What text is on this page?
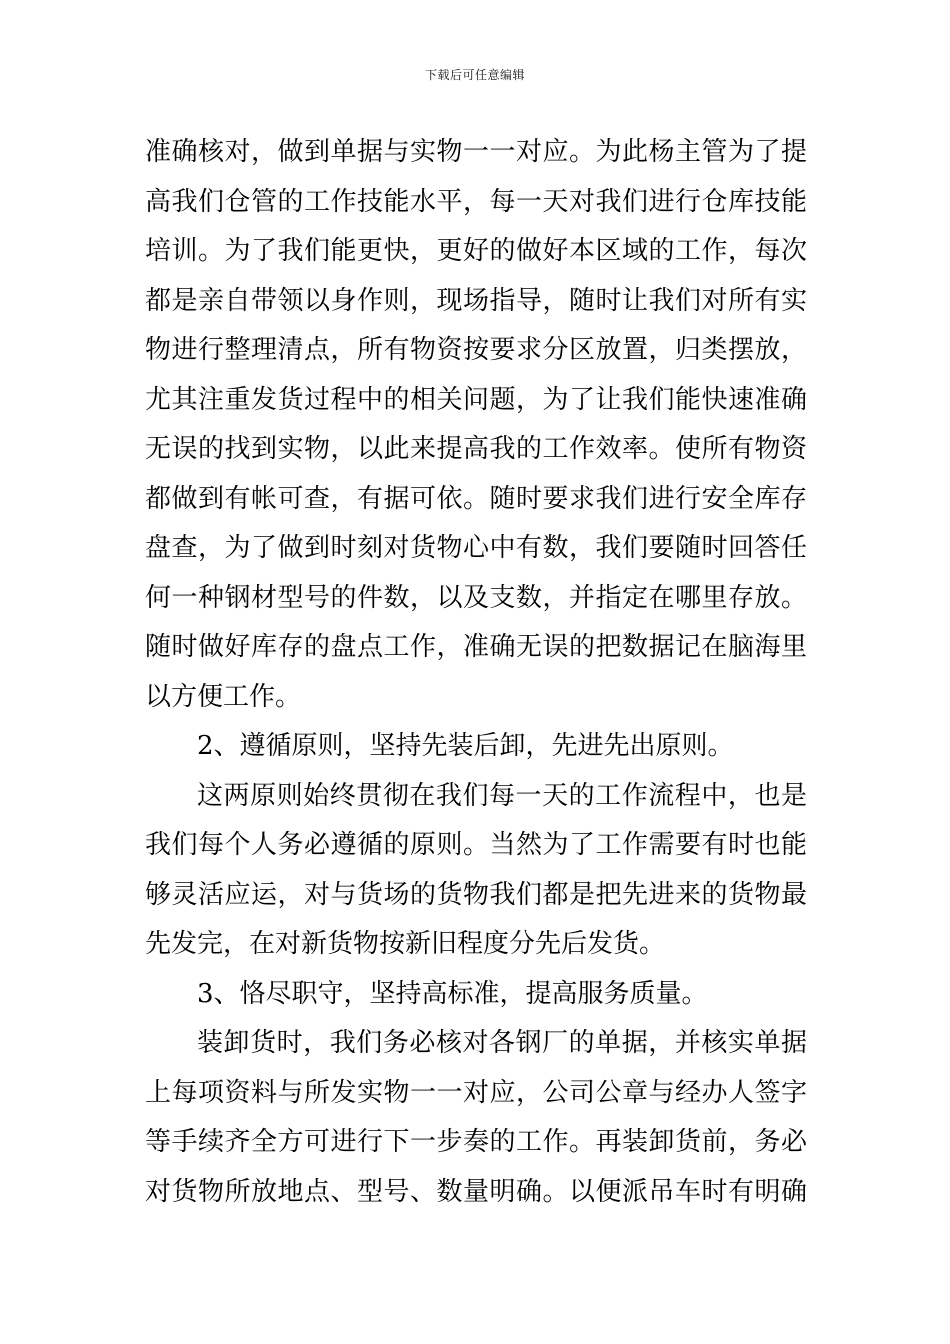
下载后可任意编辑
准确核对，做到单据与实物一一对应。为此杨主管为了提
高我们仓管的工作技能水平，每一天对我们进行仓库技能
培训。为了我们能更快，更好的做好本区域的工作，每次
都是亲自带领以身作则，现场指导，随时让我们对所有实
物进行整理清点，所有物资按要求分区放置，归类摆放，
尤其注重发货过程中的相关问题，为了让我们能快速准确
无误的找到实物，以此来提高我的工作效率。使所有物资
都做到有帐可查，有据可依。随时要求我们进行安全库存
盘查，为了做到时刻对货物心中有数，我们要随时回答任
何一种钢材型号的件数，以及支数，并指定在哪里存放。
随时做好库存的盘点工作，准确无误的把数据记在脑海里
以方便工作。
2、遵循原则，坚持先装后卸，先进先出原则。
这两原则始终贯彻在我们每一天的工作流程中，也是
我们每个人务必遵循的原则。当然为了工作需要有时也能
够灵活应运，对与货场的货物我们都是把先进来的货物最
先发完，在对新货物按新旧程度分先后发货。
3、恪尽职守，坚持高标准，提高服务质量。
装卸货时，我们务必核对各钢厂的单据，并核实单据
上每项资料与所发实物一一对应，公司公章与经办人签字
等手续齐全方可进行下一步奏的工作。再装卸货前，务必
对货物所放地点、型号、数量明确。以便派吊车时有明确
